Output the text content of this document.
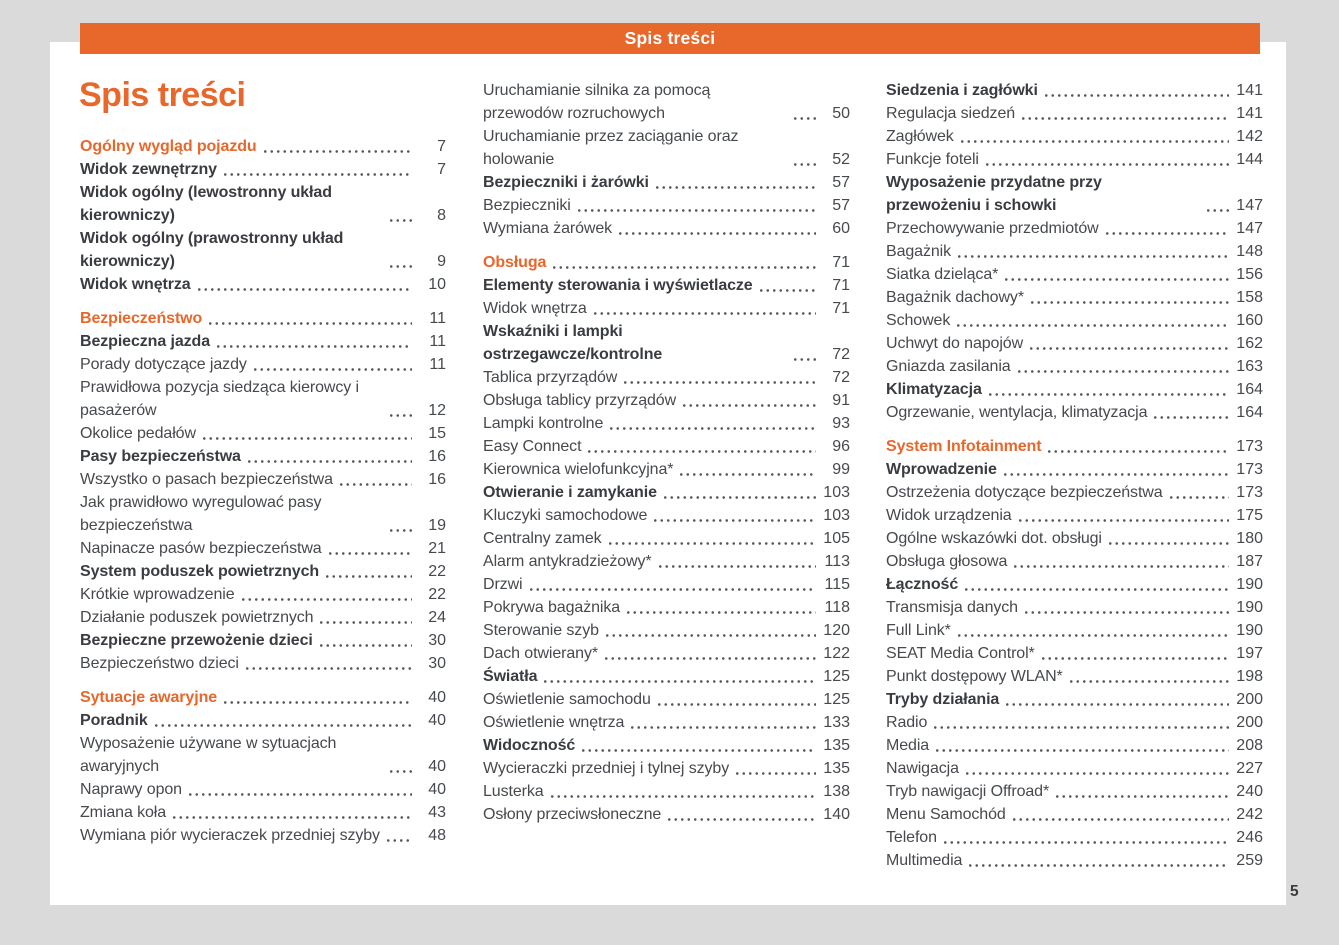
Spis treści
Spis treści
Ogólny wygląd pojazdu	7
Widok zewnętrzny	7
Widok ogólny (lewostronny układ kierowniczy)	8
Widok ogólny (prawostronny układ kierowniczy)	9
Widok wnętrza	10
Bezpieczeństwo	11
Bezpieczna jazda	11
Porady dotyczące jazdy	11
Prawidłowa pozycja siedząca kierowcy i pasażerów	12
Okolice pedałów	15
Pasy bezpieczeństwa	16
Wszystko o pasach bezpieczeństwa	16
Jak prawidłowo wyregulować pasy bezpieczeństwa	19
Napinacze pasów bezpieczeństwa	21
System poduszek powietrznych	22
Krótkie wprowadzenie	22
Działanie poduszek powietrznych	24
Bezpieczne przewożenie dzieci	30
Bezpieczeństwo dzieci	30
Sytuacje awaryjne	40
Poradnik	40
Wyposażenie używane w sytuacjach awaryjnych	40
Naprawy opon	40
Zmiana koła	43
Wymiana piór wycieraczek przedniej szyby	48
Uruchamianie silnika za pomocą przewodów rozruchowych	50
Uruchamianie przez zaciąganie oraz holowanie	52
Bezpieczniki i żarówki	57
Bezpieczniki	57
Wymiana żarówek	60
Obsługa	71
Elementy sterowania i wyświetlacze	71
Widok wnętrza	71
Wskaźniki i lampki ostrzegawcze/kontrolne	72
Tablica przyrządów	72
Obsługa tablicy przyrządów	91
Lampki kontrolne	93
Easy Connect	96
Kierownica wielofunkcyjna*	99
Otwieranie i zamykanie	103
Kluczyki samochodowe	103
Centralny zamek	105
Alarm antykradzieżowy*	113
Drzwi	115
Pokrywa bagażnika	118
Sterowanie szyb	120
Dach otwierany*	122
Światła	125
Oświetlenie samochodu	125
Oświetlenie wnętrza	133
Widoczność	135
Wycieraczki przedniej i tylnej szyby	135
Lusterka	138
Osłony przeciwsłoneczne	140
Siedzenia i zagłówki	141
Regulacja siedzeń	141
Zagłówek	142
Funkcje foteli	144
Wyposażenie przydatne przy przewożeniu i schowki	147
Przechowywanie przedmiotów	147
Bagażnik	148
Siatka dzieląca*	156
Bagażnik dachowy*	158
Schowek	160
Uchwyt do napojów	162
Gniazda zasilania	163
Klimatyzacja	164
Ogrzewanie, wentylacja, klimatyzacja	164
System Infotainment	173
Wprowadzenie	173
Ostrzeżenia dotyczące bezpieczeństwa	173
Widok urządzenia	175
Ogólne wskazówki dot. obsługi	180
Obsługa głosowa	187
Łączność	190
Transmisja danych	190
Full Link*	190
SEAT Media Control*	197
Punkt dostępowy WLAN*	198
Tryby działania	200
Radio	200
Media	208
Nawigacja	227
Tryb nawigacji Offroad*	240
Menu Samochód	242
Telefon	246
Multimedia	259
5
